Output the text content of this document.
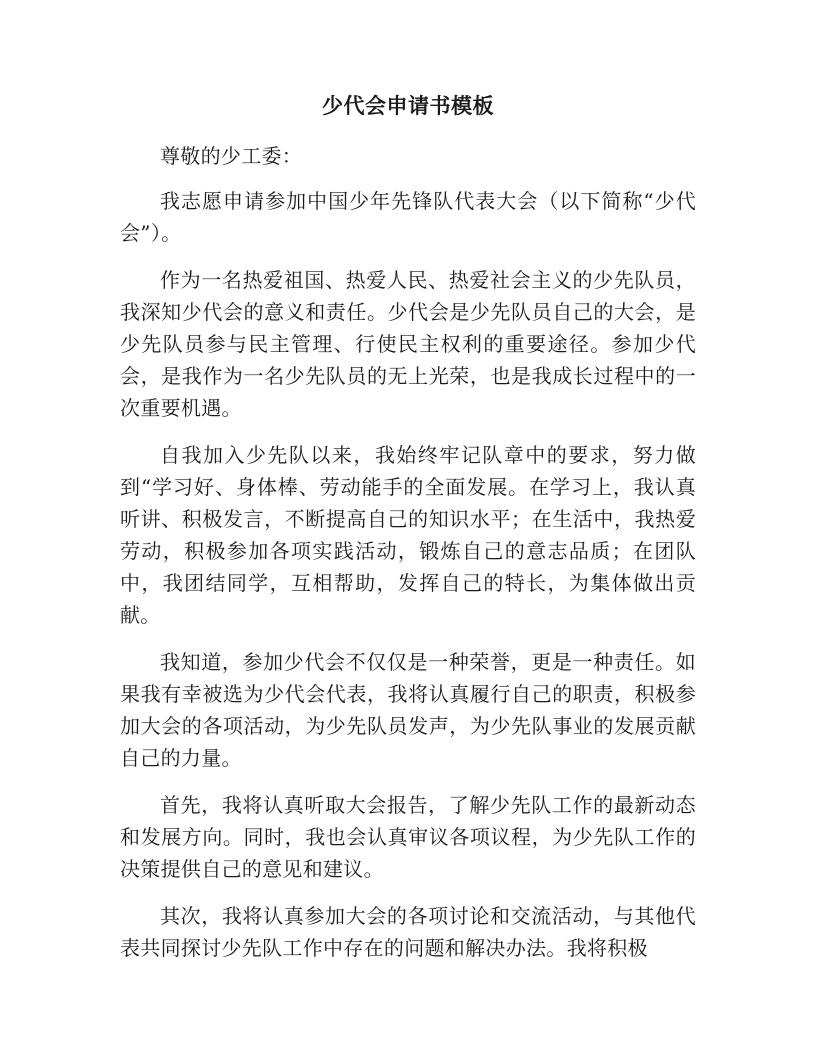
少代会申请书模板

尊敬的少工委：

我志愿申请参加中国少年先锋队代表大会（以下简称“少代会”）。

作为一名热爱祖国、热爱人民、热爱社会主义的少先队员，我深知少代会的意义和责任。少代会是少先队员自己的大会，是少先队员参与民主管理、行使民主权利的重要途径。参加少代会，是我作为一名少先队员的无上光荣，也是我成长过程中的一次重要机遇。

自我加入少先队以来，我始终牢记队章中的要求，努力做到“学习好、身体棒、劳动能手的全面发展。在学习上，我认真听讲、积极发言，不断提高自己的知识水平；在生活中，我热爱劳动，积极参加各项实践活动，锻炼自己的意志品质；在团队中，我团结同学，互相帮助，发挥自己的特长，为集体做出贡献。

我知道，参加少代会不仅仅是一种荣誉，更是一种责任。如果我有幸被选为少代会代表，我将认真履行自己的职责，积极参加大会的各项活动，为少先队员发声，为少先队事业的发展贡献自己的力量。

首先，我将认真听取大会报告，了解少先队工作的最新动态和发展方向。同时，我也会认真审议各项议程，为少先队工作的决策提供自己的意见和建议。

其次，我将认真参加大会的各项讨论和交流活动，与其他代表共同探讨少先队工作中存在的问题和解决办法。我将积极
